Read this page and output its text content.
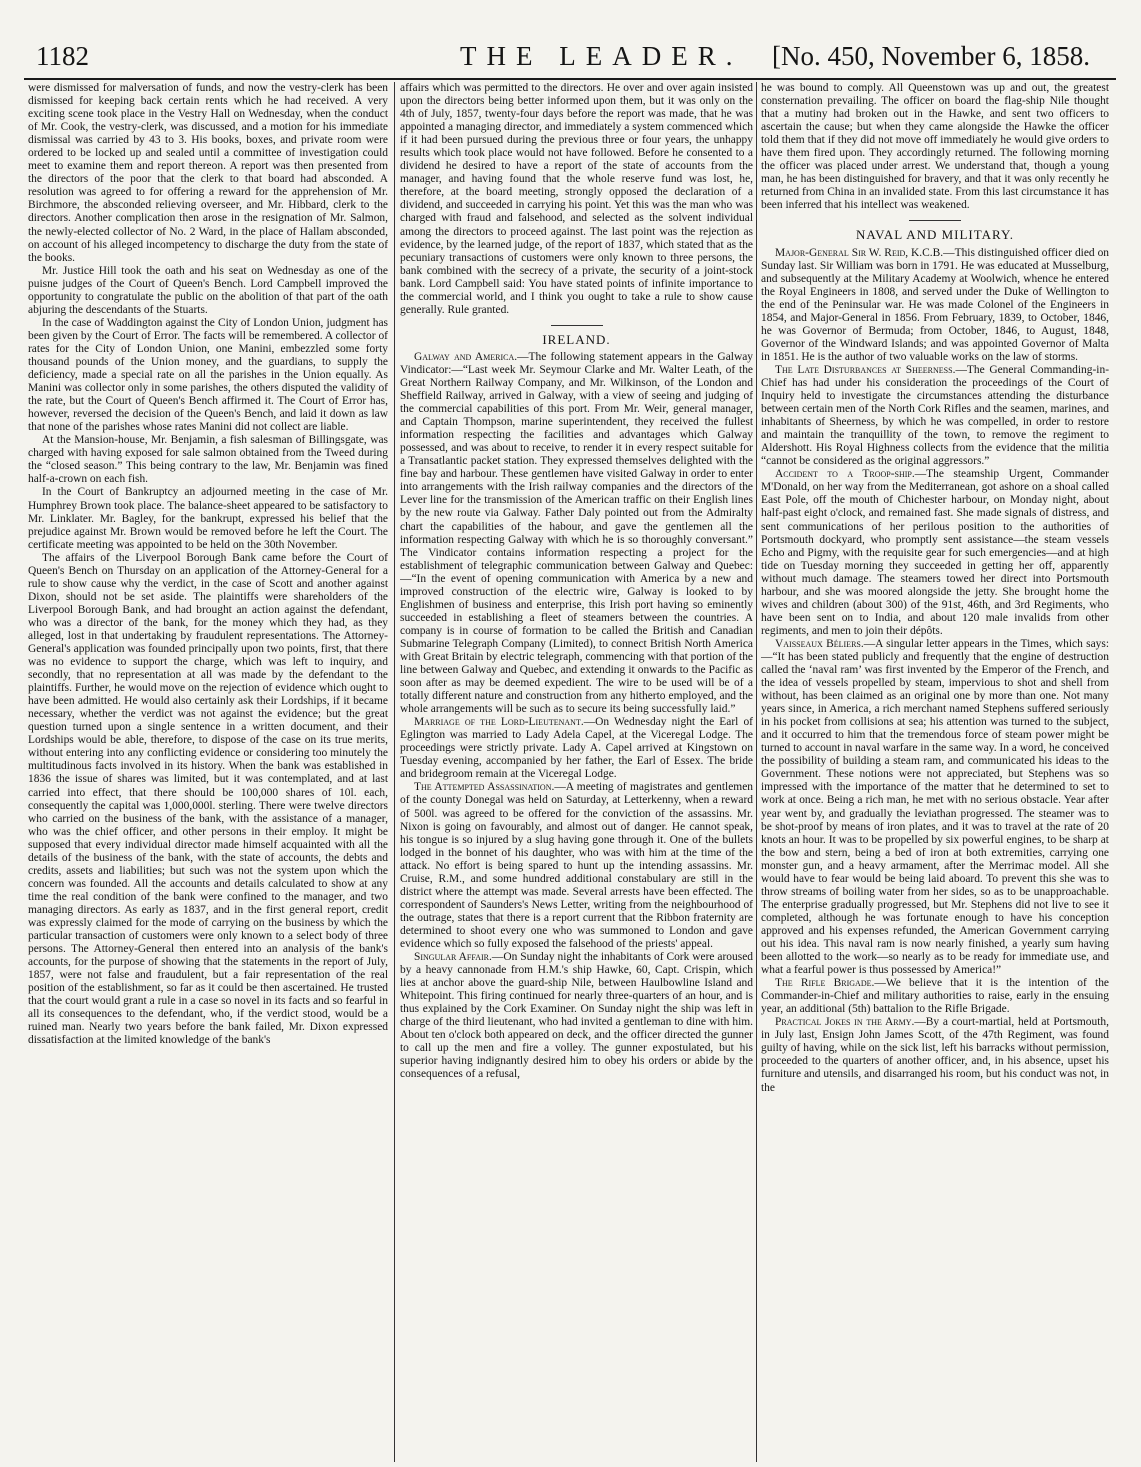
1182	THE LEADER. [No. 450, November 6, 1858.

were dismissed for malversation of funds, and now the vestry-clerk has been dismissed for keeping back certain rents which he had received. A very exciting scene took place in the Vestry Hall on Wednesday, when the conduct of Mr. Cook, the vestry-clerk, was discussed, and a motion for his immediate dismissal was carried by 43 to 3. His books, boxes, and private room were ordered to be locked up and sealed until a committee of investigation could meet to examine them and report thereon. A report was then presented from the directors of the poor that the clerk to that board had absconded. A resolution was agreed to for offering a reward for the apprehension of Mr. Birchmore, the absconded relieving overseer, and Mr. Hibbard, clerk to the directors. Another complication then arose in the resignation of Mr. Salmon, the newly-elected collector of No. 2 Ward, in the place of Hallam absconded, on account of his alleged incompetency to discharge the duty from the state of the books.

Mr. Justice Hill took the oath and his seat on Wednesday as one of the puisne judges of the Court of Queen's Bench. Lord Campbell improved the opportunity to congratulate the public on the abolition of that part of the oath abjuring the descendants of the Stuarts.

In the case of Waddington against the City of London Union, judgment has been given by the Court of Error. The facts will be remembered. A collector of rates for the City of London Union, one Manini, embezzled some forty thousand pounds of the Union money, and the guardians, to supply the deficiency, made a special rate on all the parishes in the Union equally. As Manini was collector only in some parishes, the others disputed the validity of the rate, but the Court of Queen's Bench affirmed it. The Court of Error has, however, reversed the decision of the Queen's Bench, and laid it down as law that none of the parishes whose rates Manini did not collect are liable.

At the Mansion-house, Mr. Benjamin, a fish salesman of Billingsgate, was charged with having exposed for sale salmon obtained from the Tweed during the “closed season.” This being contrary to the law, Mr. Benjamin was fined half-a-crown on each fish.

In the Court of Bankruptcy an adjourned meeting in the case of Mr. Humphrey Brown took place. The balance-sheet appeared to be satisfactory to Mr. Linklater. Mr. Bagley, for the bankrupt, expressed his belief that the prejudice against Mr. Brown would be removed before he left the Court. The certificate meeting was appointed to be held on the 30th November.

The affairs of the Liverpool Borough Bank came before the Court of Queen's Bench on Thursday on an application of the Attorney-General for a rule to show cause why the verdict, in the case of Scott and another against Dixon, should not be set aside. The plaintiffs were shareholders of the Liverpool Borough Bank, and had brought an action against the defendant, who was a director of the bank, for the money which they had, as they alleged, lost in that undertaking by fraudulent representations. The Attorney-General's application was founded principally upon two points, first, that there was no evidence to support the charge, which was left to inquiry, and secondly, that no representation at all was made by the defendant to the plaintiffs. Further, he would move on the rejection of evidence which ought to have been admitted. He would also certainly ask their Lordships, if it became necessary, whether the verdict was not against the evidence; but the great question turned upon a single sentence in a written document, and their Lordships would be able, therefore, to dispose of the case on its true merits, without entering into any conflicting evidence or considering too minutely the multitudinous facts involved in its history. When the bank was established in 1836 the issue of shares was limited, but it was contemplated, and at last carried into effect, that there should be 100,000 shares of 10l. each, consequently the capital was 1,000,000l. sterling. There were twelve directors who carried on the business of the bank, with the assistance of a manager, who was the chief officer, and other persons in their employ. It might be supposed that every individual director made himself acquainted with all the details of the business of the bank, with the state of accounts, the debts and credits, assets and liabilities; but such was not the system upon which the concern was founded. All the accounts and details calculated to show at any time the real condition of the bank were confined to the manager, and two managing directors. As early as 1837, and in the first general report, credit was expressly claimed for the mode of carrying on the business by which the particular transaction of customers were only known to a select body of three persons. The Attorney-General then entered into an analysis of the bank's accounts, for the purpose of showing that the statements in the report of July, 1857, were not false and fraudulent, but a fair representation of the real position of the establishment, so far as it could be then ascertained. He trusted that the court would grant a rule in a case so novel in its facts and so fearful in all its consequences to the defendant, who, if the verdict stood, would be a ruined man. Nearly two years before the bank failed, Mr. Dixon expressed dissatisfaction at the limited knowledge of the bank's

affairs which was permitted to the directors. He over and over again insisted upon the directors being better informed upon them, but it was only on the 4th of July, 1857, twenty-four days before the report was made, that he was appointed a managing director, and immediately a system commenced which if it had been pursued during the previous three or four years, the unhappy results which took place would not have followed. Before he consented to a dividend he desired to have a report of the state of accounts from the manager, and having found that the whole reserve fund was lost, he, therefore, at the board meeting, strongly opposed the declaration of a dividend, and succeeded in carrying his point. Yet this was the man who was charged with fraud and falsehood, and selected as the solvent individual among the directors to proceed against. The last point was the rejection as evidence, by the learned judge, of the report of 1837, which stated that as the pecuniary transactions of customers were only known to three persons, the bank combined with the secrecy of a private, the security of a joint-stock bank. Lord Campbell said: You have stated points of infinite importance to the commercial world, and I think you ought to take a rule to show cause generally. Rule granted.

IRELAND.

Galway and America.—The following statement appears in the Galway Vindicator:—“Last week Mr. Seymour Clarke and Mr. Walter Leath, of the Great Northern Railway Company, and Mr. Wilkinson, of the London and Sheffield Railway, arrived in Galway, with a view of seeing and judging of the commercial capabilities of this port. From Mr. Weir, general manager, and Captain Thompson, marine superintendent, they received the fullest information respecting the facilities and advantages which Galway possessed, and was about to receive, to render it in every respect suitable for a Transatlantic packet station. They expressed themselves delighted with the fine bay and harbour. These gentlemen have visited Galway in order to enter into arrangements with the Irish railway companies and the directors of the Lever line for the transmission of the American traffic on their English lines by the new route via Galway. Father Daly pointed out from the Admiralty chart the capabilities of the habour, and gave the gentlemen all the information respecting Galway with which he is so thoroughly conversant.” The Vindicator contains information respecting a project for the establishment of telegraphic communication between Galway and Quebec:—“In the event of opening communication with America by a new and improved construction of the electric wire, Galway is looked to by Englishmen of business and enterprise, this Irish port having so eminently succeeded in establishing a fleet of steamers between the countries. A company is in course of formation to be called the British and Canadian Submarine Telegraph Company (Limited), to connect British North America with Great Britain by electric telegraph, commencing with that portion of the line between Galway and Quebec, and extending it onwards to the Pacific as soon after as may be deemed expedient. The wire to be used will be of a totally different nature and construction from any hitherto employed, and the whole arrangements will be such as to secure its being successfully laid.”

Marriage of the Lord-Lieutenant.—On Wednesday night the Earl of Eglington was married to Lady Adela Capel, at the Viceregal Lodge. The proceedings were strictly private. Lady A. Capel arrived at Kingstown on Tuesday evening, accompanied by her father, the Earl of Essex. The bride and bridegroom remain at the Viceregal Lodge.

The Attempted Assassination.—A meeting of magistrates and gentlemen of the county Donegal was held on Saturday, at Letterkenny, when a reward of 500l. was agreed to be offered for the conviction of the assassins. Mr. Nixon is going on favourably, and almost out of danger. He cannot speak, his tongue is so injured by a slug having gone through it. One of the bullets lodged in the bonnet of his daughter, who was with him at the time of the attack. No effort is being spared to hunt up the intending assassins. Mr. Cruise, R.M., and some hundred additional constabulary are still in the district where the attempt was made. Several arrests have been effected. The correspondent of Saunders's News Letter, writing from the neighbourhood of the outrage, states that there is a report current that the Ribbon fraternity are determined to shoot every one who was summoned to London and gave evidence which so fully exposed the falsehood of the priests' appeal.

Singular Affair.—On Sunday night the inhabitants of Cork were aroused by a heavy cannonade from H.M.'s ship Hawke, 60, Capt. Crispin, which lies at anchor above the guard-ship Nile, between Haulbowline Island and Whitepoint. This firing continued for nearly three-quarters of an hour, and is thus explained by the Cork Examiner. On Sunday night the ship was left in charge of the third lieutenant, who had invited a gentleman to dine with him. About ten o'clock both appeared on deck, and the officer directed the gunner to call up the men and fire a volley. The gunner expostulated, but his superior having indignantly desired him to obey his orders or abide by the consequences of a refusal,

he was bound to comply. All Queenstown was up and out, the greatest consternation prevailing. The officer on board the flag-ship Nile thought that a mutiny had broken out in the Hawke, and sent two officers to ascertain the cause; but when they came alongside the Hawke the officer told them that if they did not move off immediately he would give orders to have them fired upon. They accordingly returned. The following morning the officer was placed under arrest. We understand that, though a young man, he has been distinguished for bravery, and that it was only recently he returned from China in an invalided state. From this last circumstance it has been inferred that his intellect was weakened.

NAVAL AND MILITARY.

Major-General Sir W. Reid, K.C.B.—This distinguished officer died on Sunday last. Sir William was born in 1791. He was educated at Musselburg, and subsequently at the Military Academy at Woolwich, whence he entered the Royal Engineers in 1808, and served under the Duke of Wellington to the end of the Peninsular war. He was made Colonel of the Engineers in 1854, and Major-General in 1856. From February, 1839, to October, 1846, he was Governor of Bermuda; from October, 1846, to August, 1848, Governor of the Windward Islands; and was appointed Governor of Malta in 1851. He is the author of two valuable works on the law of storms.

The Late Disturbances at Sheerness.—The General Commanding-in-Chief has had under his consideration the proceedings of the Court of Inquiry held to investigate the circumstances attending the disturbance between certain men of the North Cork Rifles and the seamen, marines, and inhabitants of Sheerness, by which he was compelled, in order to restore and maintain the tranquillity of the town, to remove the regiment to Aldershott. His Royal Highness collects from the evidence that the militia “cannot be considered as the original aggressors.”

Accident to a Troop-ship.—The steamship Urgent, Commander M'Donald, on her way from the Mediterranean, got ashore on a shoal called East Pole, off the mouth of Chichester harbour, on Monday night, about half-past eight o'clock, and remained fast. She made signals of distress, and sent communications of her perilous position to the authorities of Portsmouth dockyard, who promptly sent assistance—the steam vessels Echo and Pigmy, with the requisite gear for such emergencies—and at high tide on Tuesday morning they succeeded in getting her off, apparently without much damage. The steamers towed her direct into Portsmouth harbour, and she was moored alongside the jetty. She brought home the wives and children (about 300) of the 91st, 46th, and 3rd Regiments, who have been sent on to India, and about 120 male invalids from other regiments, and men to join their dépôts.

Vaisseaux Béliers.—A singular letter appears in the Times, which says:—“It has been stated publicly and frequently that the engine of destruction called the ‘naval ram’ was first invented by the Emperor of the French, and the idea of vessels propelled by steam, impervious to shot and shell from without, has been claimed as an original one by more than one. Not many years since, in America, a rich merchant named Stephens suffered seriously in his pocket from collisions at sea; his attention was turned to the subject, and it occurred to him that the tremendous force of steam power might be turned to account in naval warfare in the same way. In a word, he conceived the possibility of building a steam ram, and communicated his ideas to the Government. These notions were not appreciated, but Stephens was so impressed with the importance of the matter that he determined to set to work at once. Being a rich man, he met with no serious obstacle. Year after year went by, and gradually the leviathan progressed. The steamer was to be shot-proof by means of iron plates, and it was to travel at the rate of 20 knots an hour. It was to be propelled by six powerful engines, to be sharp at the bow and stern, being a bed of iron at both extremities, carrying one monster gun, and a heavy armament, after the Merrimac model. All she would have to fear would be being laid aboard. To prevent this she was to throw streams of boiling water from her sides, so as to be unapproachable. The enterprise gradually progressed, but Mr. Stephens did not live to see it completed, although he was fortunate enough to have his conception approved and his expenses refunded, the American Government carrying out his idea. This naval ram is now nearly finished, a yearly sum having been allotted to the work—so nearly as to be ready for immediate use, and what a fearful power is thus possessed by America!”

The Rifle Brigade.—We believe that it is the intention of the Commander-in-Chief and military authorities to raise, early in the ensuing year, an additional (5th) battalion to the Rifle Brigade.

Practical Jokes in the Army.—By a court-martial, held at Portsmouth, in July last, Ensign John James Scott, of the 47th Regiment, was found guilty of having, while on the sick list, left his barracks without permission, proceeded to the quarters of another officer, and, in his absence, upset his furniture and utensils, and disarranged his room, but his conduct was not, in the
